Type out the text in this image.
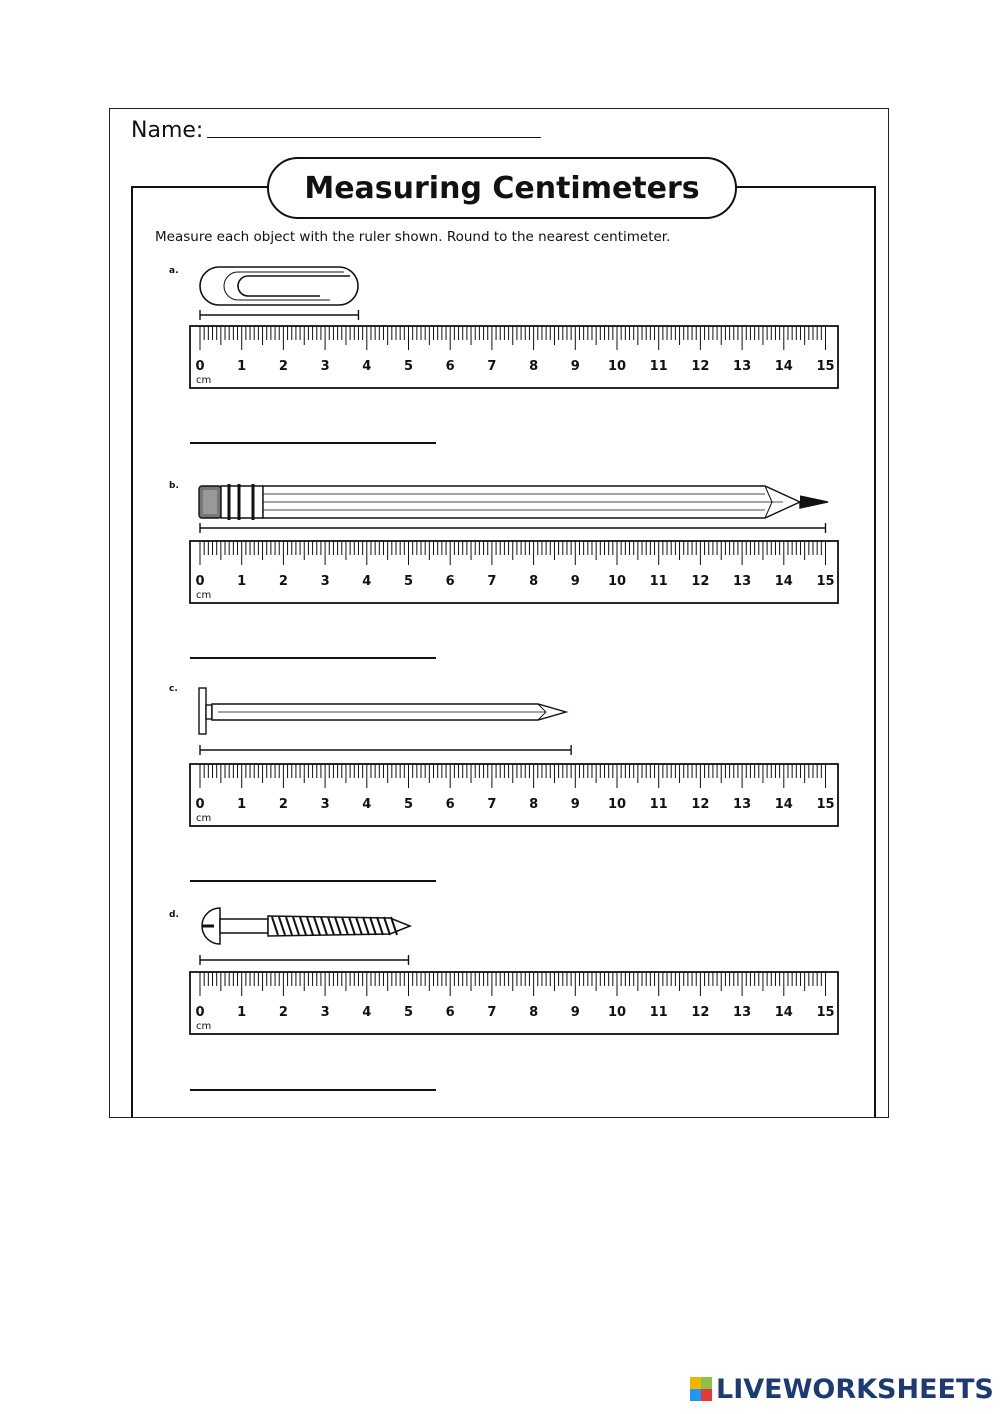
Name:
Measuring Centimeters
Measure each object with the ruler shown. Round to the nearest centimeter.
a.
b.
c.
d.
0	1	2	3	4	5	6	7	8	9 10 11 12 13 14 15
cm
0	1	2	3	4	5	6	7	8	9 10 11 12 13 14 15
cm
0	1	2	3	4	5	6	7	8	9 10 11 12 13 14 15
cm
0	1	2	3	4	5	6	7	8	9 10 11 12 13 14 15
cm
LIVEWORKSHEETS
